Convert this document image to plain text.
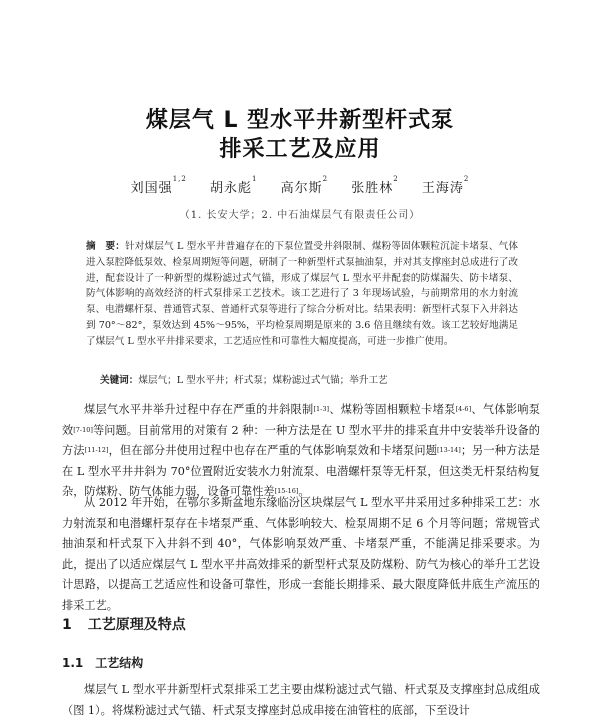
煤层气 L 型水平井新型杆式泵
排采工艺及应用
刘国强$^{1,2}$ 胡永彪$^1$ 高尔斯$^2$ 张胜林$^2$ 王海涛$^2$
（1. 长安大学；2. 中石油煤层气有限责任公司）
摘　要：针对煤层气 L 型水平井普遍存在的下泵位置受井斜限制、煤粉等固体颗粒沉淀卡堵泵、气体进入泵腔降低泵效、检泵周期短等问题，研制了一种新型杆式泵抽油泵，并对其支撑座封总成进行了改进，配套设计了一种新型的煤粉滤过式气锚，形成了煤层气 L 型水平井配套的防煤漏失、防卡堵泵、防气体影响的高效经济的杆式泵排采工艺技术。该工艺进行了 3 年现场试验，与前期常用的水力射流泵、电潜螺杆泵、普通管式泵、普通杆式泵等进行了综合分析对比。结果表明：新型杆式泵下入井斜达到 70°～82°，泵效达到 45%～95%，平均检泵周期是原来的 3.6 倍且继续有效。该工艺较好地满足了煤层气 L 型水平井排采要求，工艺适应性和可靠性大幅度提高，可进一步推广使用。
关键词：煤层气；L 型水平井；杆式泵；煤粉滤过式气锚；举升工艺
煤层气水平井举升过程中存在严重的井斜限制[1-3]、煤粉等固相颗粒卡堵泵[4-6]、气体影响泵效[7-10]等问题。目前常用的对策有 2 种：一种方法是在 U 型水平井的排采直井中安装举升设备的方法[11-12]，但在部分井使用过程中也存在严重的气体影响泵效和卡堵泵问题[13-14]；另一种方法是在 L 型水平井井斜为 70°位置附近安装水力射流泵、电潜螺杆泵等无杆泵，但这类无杆泵结构复杂，防煤粉、防气体能力弱，设备可靠性差[15-16]。
从 2012 年开始，在鄂尔多斯盆地东缘临汾区块煤层气 L 型水平井采用过多种排采工艺：水力射流泵和电潜螺杆泵存在卡堵泵严重、气体影响较大、检泵周期不足 6 个月等问题；常规管式抽油泵和杆式泵下入井斜不到 40°，气体影响泵效严重、卡堵泵严重，不能满足排采要求。为此，提出了以适应煤层气 L 型水平井高效排采的新型杆式泵及防煤粉、防气为核心的举升工艺设计思路，以提高工艺适应性和设备可靠性，形成一套能长期排采、最大限度降低井底生产流压的排采工艺。
1 工艺原理及特点
1.1 工艺结构
煤层气 L 型水平井新型杆式泵排采工艺主要由煤粉滤过式气锚、杆式泵及支撑座封总成组成（图 1）。将煤粉滤过式气锚、杆式泵支撑座封总成串接在油管柱的底部，下至设计
